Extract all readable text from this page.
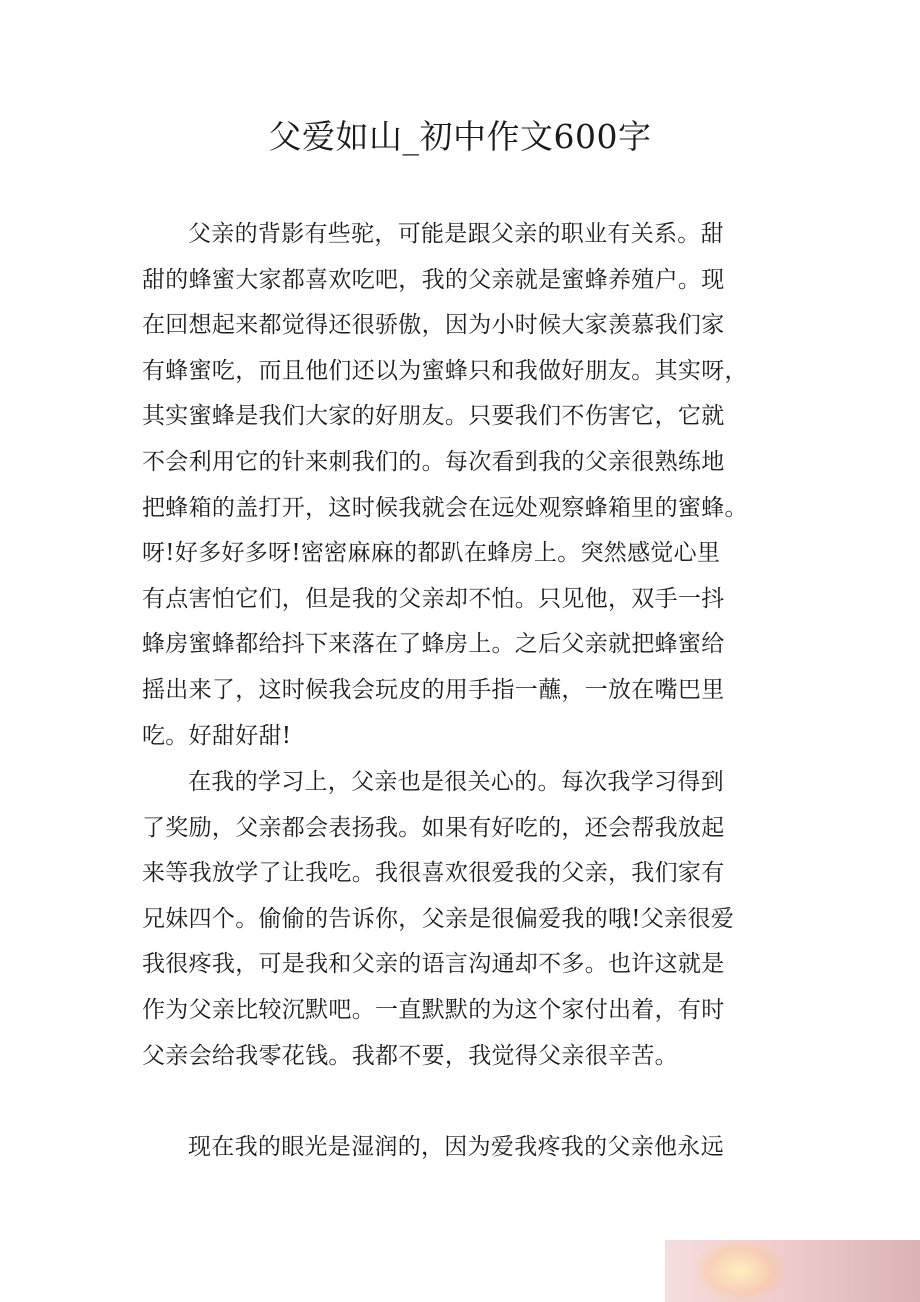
父爱如山_初中作文600字
父亲的背影有些驼，可能是跟父亲的职业有关系。甜
甜的蜂蜜大家都喜欢吃吧，我的父亲就是蜜蜂养殖户。现
在回想起来都觉得还很骄傲，因为小时候大家羡慕我们家
有蜂蜜吃，而且他们还以为蜜蜂只和我做好朋友。其实呀，
其实蜜蜂是我们大家的好朋友。只要我们不伤害它，它就
不会利用它的针来刺我们的。每次看到我的父亲很熟练地
把蜂箱的盖打开，这时候我就会在远处观察蜂箱里的蜜蜂。
呀!好多好多呀!密密麻麻的都趴在蜂房上。突然感觉心里
有点害怕它们，但是我的父亲却不怕。只见他，双手一抖
蜂房蜜蜂都给抖下来落在了蜂房上。之后父亲就把蜂蜜给
摇出来了，这时候我会玩皮的用手指一蘸，一放在嘴巴里
吃。好甜好甜!
在我的学习上，父亲也是很关心的。每次我学习得到
了奖励，父亲都会表扬我。如果有好吃的，还会帮我放起
来等我放学了让我吃。我很喜欢很爱我的父亲，我们家有
兄妹四个。偷偷的告诉你，父亲是很偏爱我的哦!父亲很爱
我很疼我，可是我和父亲的语言沟通却不多。也许这就是
作为父亲比较沉默吧。一直默默的为这个家付出着，有时
父亲会给我零花钱。我都不要，我觉得父亲很辛苦。
现在我的眼光是湿润的，因为爱我疼我的父亲他永远
